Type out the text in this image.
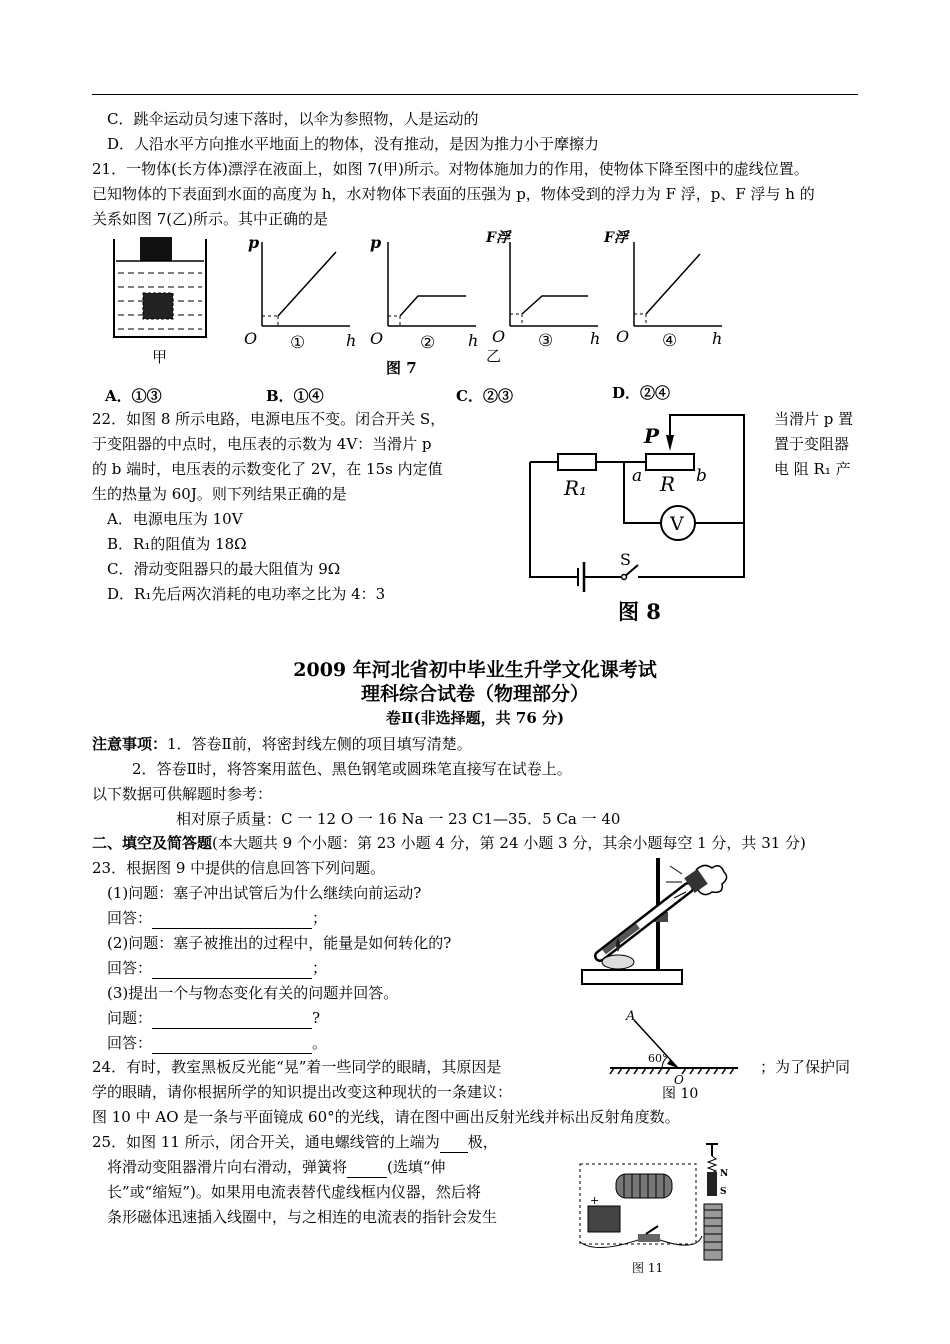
C．跳伞运动员匀速下落时，以伞为参照物，人是运动的
D．人沿水平方向推水平地面上的物体，没有推动，是因为推力小于摩擦力
21．一物体(长方体)漂浮在液面上，如图 7(甲)所示。对物体施加力的作用，使物体下降至图中的虚线位置。
已知物体的下表面到水面的高度为 h，水对物体下表面的压强为 p，物体受到的浮力为 F 浮，p、F 浮与 h 的
关系如图 7(乙)所示。其中正确的是
甲
p
O ①	h
p
O ② h
图 7
F浮
O ③ h
乙
F浮
O ④ h
A．①③	B．①④	C．②③	D．②④
22．如图 8 所示电路，电源电压不变。闭合开关 S，	当滑片 p 置
于变阻器的中点时，电压表的示数为 4V：当滑片 p	置于变阻器
的 b 端时，电压表的示数变化了 2V，在 15s 内定值	电 阻 R₁ 产
生的热量为 60J。则下列结果正确的是
A．电源电压为 10V
B．R₁的阻值为 18Ω
C．滑动变阻器只的最大阻值为 9Ω
D．R₁先后两次消耗的电功率之比为 4：3
P
R₁	a R b
V
S
图 8
2009 年河北省初中毕业生升学文化课考试
理科综合试卷（物理部分）
卷Ⅱ(非选择题，共 76 分)
注意事项：1．答卷Ⅱ前，将密封线左侧的项目填写清楚。
2．答卷Ⅱ时，将答案用蓝色、黑色钢笔或圆珠笔直接写在试卷上。
以下数据可供解题时参考：
相对原子质量：C 一 12 O 一 16 Na 一 23 C1—35．5 Ca 一 40
二、填空及简答题(本大题共 9 个小题：第 23 小题 4 分，第 24 小题 3 分，其余小题每空 1 分，共 31 分)
23．根据图 9 中提供的信息回答下列问题。
(1)问题：塞子冲出试管后为什么继续向前运动?
回答：	；
(2)问题：塞子被推出的过程中，能量是如何转化的?
回答：	；
(3)提出一个与物态变化有关的问题并回答。
问题：	?
回答：	。
24．有时，教室黑板反光能“晃”着一些同学的眼睛，其原因是	；为了保护同
学的眼睛，请你根据所学的知识提出改变这种现状的一条建议：
图 10 中 AO 是一条与平面镜成 60°的光线，请在图中画出反射光线并标出反射角度数。
A
60°
O
图 10
25．如图 11 所示，闭合开关，通电螺线管的上端为 极，
将滑动变阻器滑片向右滑动，弹簧将	(选填“伸
长”或“缩短”)。如果用电流表替代虚线框内仪器，然后将
条形磁体迅速插入线圈中，与之相连的电流表的指针会发生
+
N
S
图 11
